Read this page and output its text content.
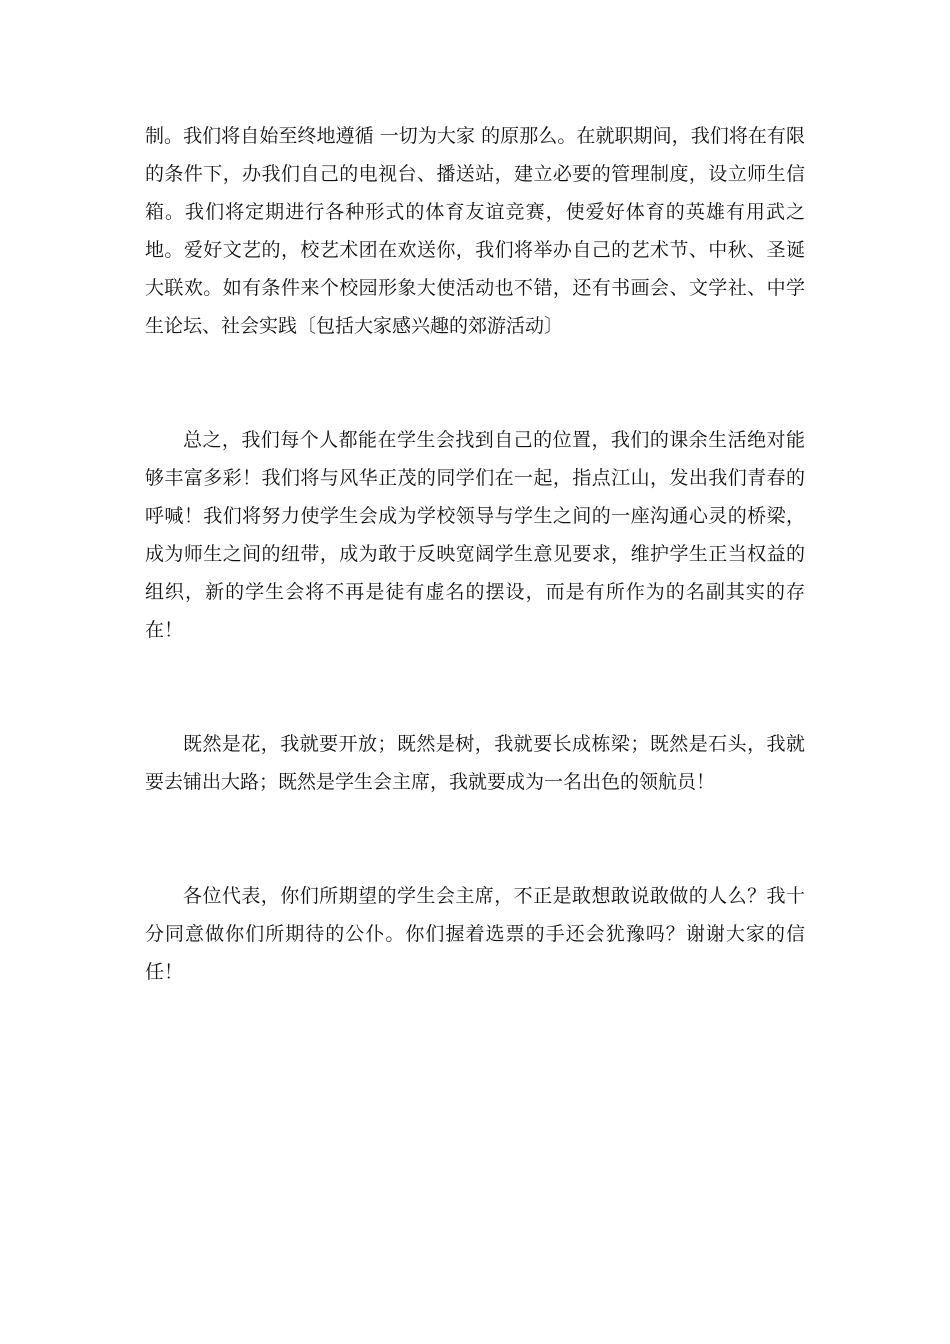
制。我们将自始至终地遵循 一切为大家 的原那么。在就职期间，我们将在有限的条件下，办我们自己的电视台、播送站，建立必要的管理制度，设立师生信箱。我们将定期进行各种形式的体育友谊竞赛，使爱好体育的英雄有用武之地。爱好文艺的，校艺术团在欢送你，我们将举办自己的艺术节、中秋、圣诞大联欢。如有条件来个校园形象大使活动也不错，还有书画会、文学社、中学生论坛、社会实践〔包括大家感兴趣的郊游活动〕

总之，我们每个人都能在学生会找到自己的位置，我们的课余生活绝对能够丰富多彩！我们将与风华正茂的同学们在一起，指点江山，发出我们青春的呼喊！我们将努力使学生会成为学校领导与学生之间的一座沟通心灵的桥梁，成为师生之间的纽带，成为敢于反映宽阔学生意见要求，维护学生正当权益的组织，新的学生会将不再是徒有虚名的摆设，而是有所作为的名副其实的存在！

既然是花，我就要开放；既然是树，我就要长成栋梁；既然是石头，我就要去铺出大路；既然是学生会主席，我就要成为一名出色的领航员！

各位代表，你们所期望的学生会主席，不正是敢想敢说敢做的人么？我十分同意做你们所期待的公仆。你们握着选票的手还会犹豫吗？谢谢大家的信任！
